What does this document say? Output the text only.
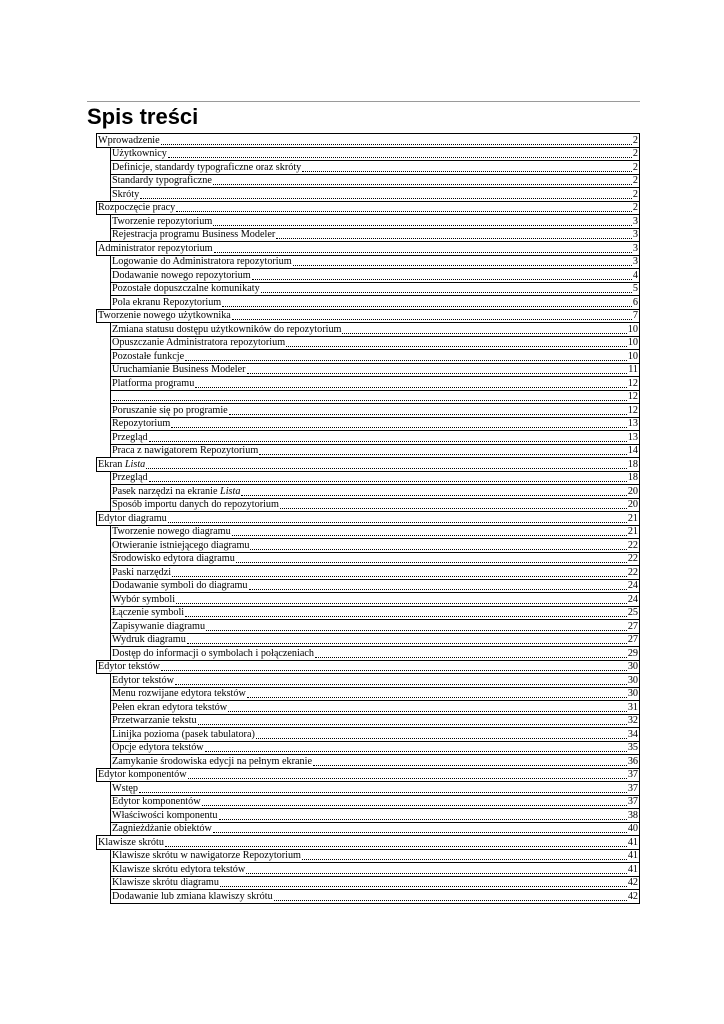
Spis treści
Wprowadzenie	2
Użytkownicy	2
Definicje, standardy typograficzne oraz skróty	2
Standardy typograficzne	2
Skróty	2
Rozpoczęcie pracy	2
Tworzenie repozytorium	3
Rejestracja programu Business Modeler	3
Administrator repozytorium	3
Logowanie do Administratora repozytorium	3
Dodawanie nowego repozytorium	4
Pozostałe dopuszczalne komunikaty	5
Pola ekranu Repozytorium	6
Tworzenie nowego użytkownika	7
Zmiana statusu dostępu użytkowników do repozytorium	10
Opuszczanie Administratora repozytorium	10
Pozostałe funkcje	10
Uruchamianie Business Modeler	11
Platforma programu	12
12
Poruszanie się po programie	12
Repozytorium	13
Przegląd	13
Praca z nawigatorem Repozytorium	14
Ekran Lista	18
Przegląd	18
Pasek narzędzi na ekranie Lista	20
Sposób importu danych do repozytorium	20
Edytor diagramu	21
Tworzenie nowego diagramu	21
Otwieranie istniejącego diagramu	22
Środowisko edytora diagramu	22
Paski narzędzi	22
Dodawanie symboli do diagramu	24
Wybór symboli	24
Łączenie symboli	25
Zapisywanie diagramu	27
Wydruk diagramu	27
Dostęp do informacji o symbolach i połączeniach	29
Edytor tekstów	30
Edytor tekstów	30
Menu rozwijane edytora tekstów	30
Pełen ekran edytora tekstów	31
Przetwarzanie tekstu	32
Linijka pozioma (pasek tabulatora)	34
Opcje edytora tekstów	35
Zamykanie środowiska edycji na pełnym ekranie	36
Edytor komponentów	37
Wstęp	37
Edytor komponentów	37
Właściwości komponentu	38
Zagnieżdżanie obiektów	40
Klawisze skrótu	41
Klawisze skrótu w nawigatorze Repozytorium	41
Klawisze skrótu edytora tekstów	41
Klawisze skrótu diagramu	42
Dodawanie lub zmiana klawiszy skrótu	42
